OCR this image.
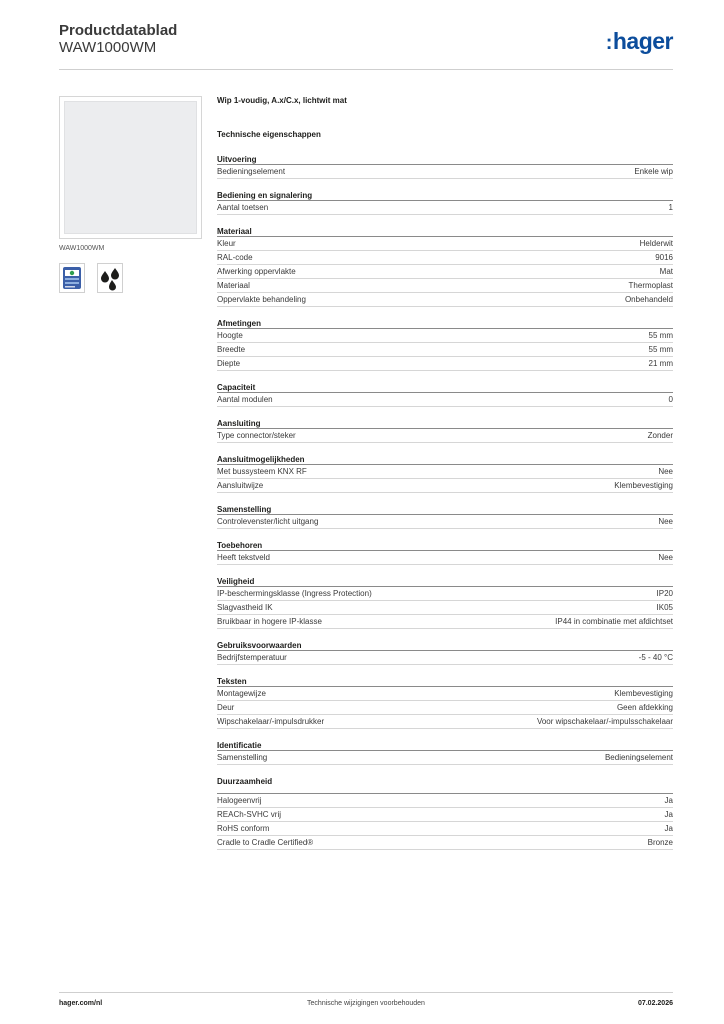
Productdatablad
WAW1000WM	:hager
WAW1000WM
Wip 1-voudig, A.x/C.x, lichtwit mat
Technische eigenschappen
Uitvoering
Bedieningselement	Enkele wip
Bediening en signalering
Aantal toetsen	1
Materiaal
Kleur	Helderwit
RAL-code	9016
Afwerking oppervlakte	Mat
Materiaal	Thermoplast
Oppervlakte behandeling	Onbehandeld
Afmetingen
Hoogte	55 mm
Breedte	55 mm
Diepte	21 mm
Capaciteit
Aantal modulen	0
Aansluiting
Type connector/steker	Zonder
Aansluitmogelijkheden
Met bussysteem KNX RF	Nee
Aansluitwijze	Klembevestiging
Samenstelling
Controlevenster/licht uitgang	Nee
Toebehoren
Heeft tekstveld	Nee
Veiligheid
IP-beschermingsklasse (Ingress Protection)	IP20
Slagvastheid IK	IK05
Bruikbaar in hogere IP-klasse	IP44 in combinatie met afdichtset
Gebruiksvoorwaarden
Bedrijfstemperatuur	-5 - 40 °C
Teksten
Montagewijze	Klembevestiging
Deur	Geen afdekking
Wipschakelaar/-impulsdrukker	Voor wipschakelaar/-impulsschakelaar
Identificatie
Samenstelling	Bedieningselement
Duurzaamheid
Halogeenvrij	Ja
REACh-SVHC vrij	Ja
RoHS conform	Ja
Cradle to Cradle Certified®	Bronze
hager.com/nl	Technische wijzigingen voorbehouden	07.02.2026
